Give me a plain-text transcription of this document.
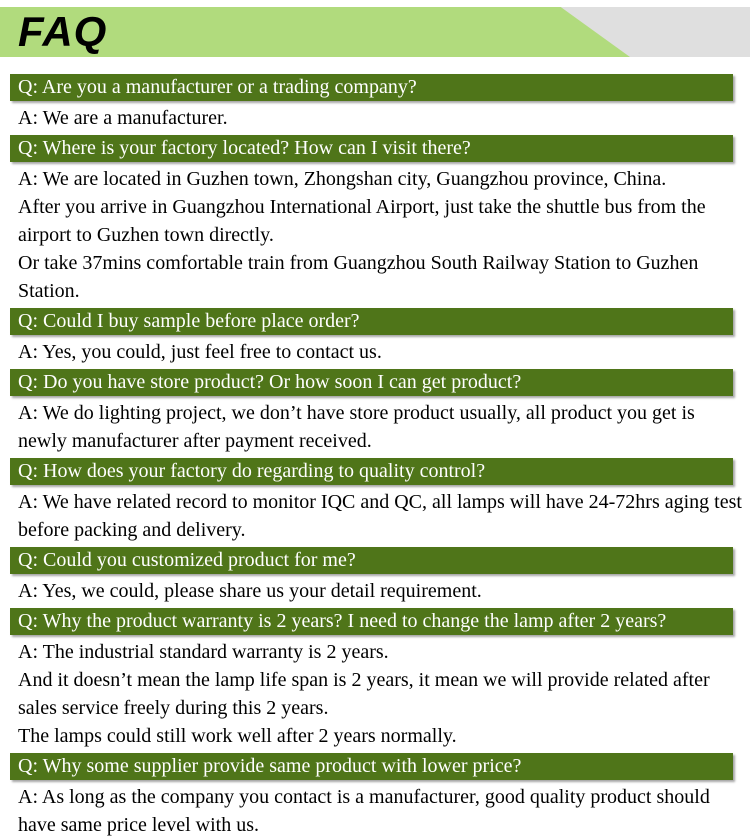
FAQ
Q: Are you a manufacturer or a trading company?

A: We are a manufacturer.

Q: Where is your factory located? How can I visit there?

A: We are located in Guzhen town, Zhongshan city, Guangzhou province, China.

After you arrive in Guangzhou International Airport, just take the shuttle bus from the airport to Guzhen town directly.

Or take 37mins comfortable train from Guangzhou South Railway Station to Guzhen Station.

Q: Could I buy sample before place order?

A: Yes, you could, just feel free to contact us.

Q: Do you have store product? Or how soon I can get product?

A: We do lighting project, we don’t have store product usually, all product you get is newly manufacturer after payment received.

Q: How does your factory do regarding to quality control?

A: We have related record to monitor IQC and QC, all lamps will have 24-72hrs aging test before packing and delivery.

Q: Could you customized product for me?

A: Yes, we could, please share us your detail requirement.

Q: Why the product warranty is 2 years? I need to change the lamp after 2 years?

A: The industrial standard warranty is 2 years.

And it doesn’t mean the lamp life span is 2 years, it mean we will provide related after sales service freely during this 2 years.

The lamps could still work well after 2 years normally.

Q: Why some supplier provide same product with lower price?

A: As long as the company you contact is a manufacturer, good quality product should have same price level with us.
